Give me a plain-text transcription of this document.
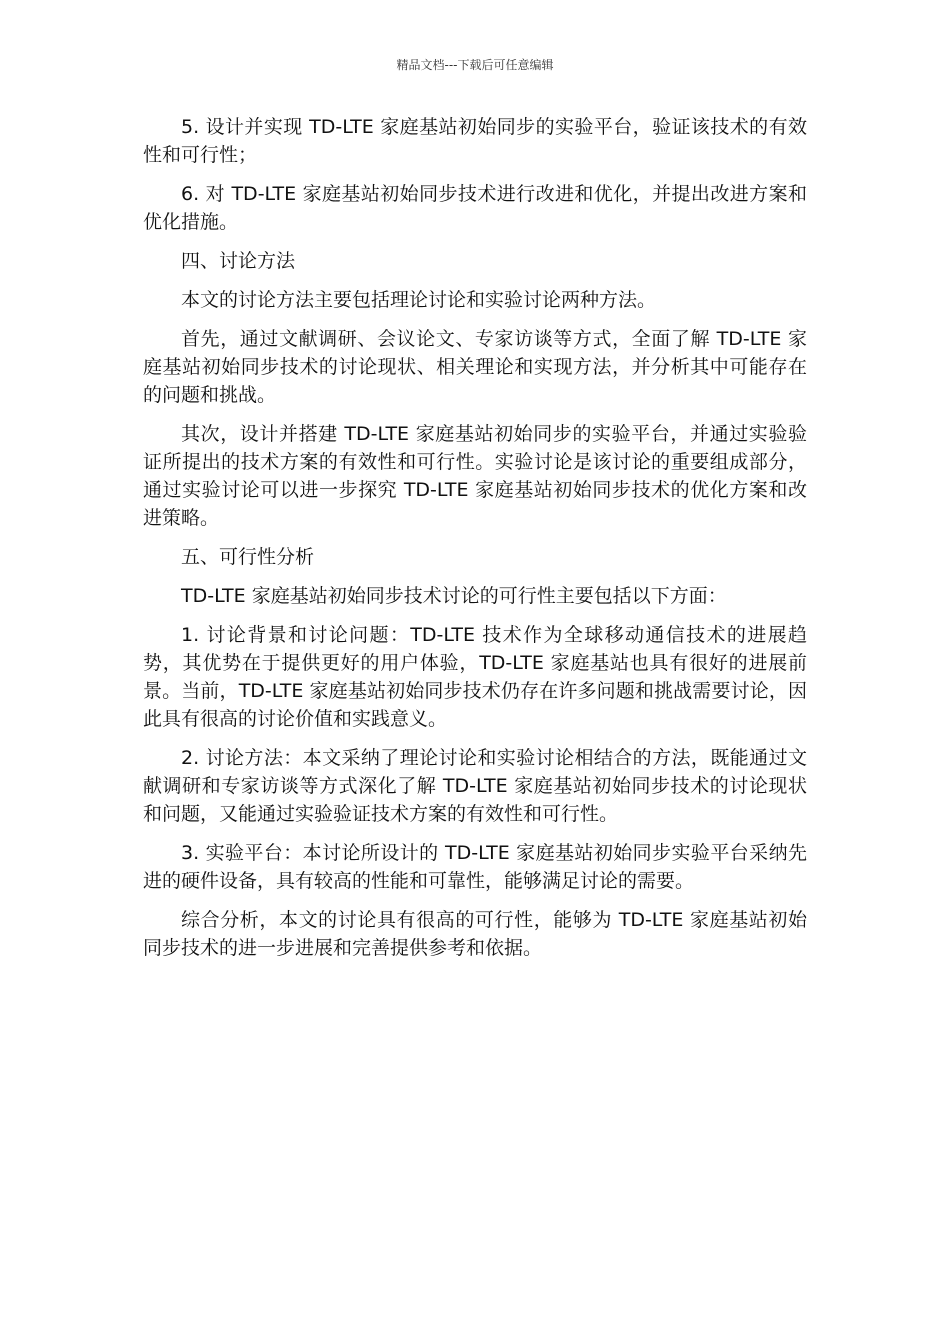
精品文档---下载后可任意编辑

5. 设计并实现 TD-LTE 家庭基站初始同步的实验平台，验证该技术的有效性和可行性；

6. 对 TD-LTE 家庭基站初始同步技术进行改进和优化，并提出改进方案和优化措施。

四、讨论方法

本文的讨论方法主要包括理论讨论和实验讨论两种方法。

首先，通过文献调研、会议论文、专家访谈等方式，全面了解 TD-LTE 家庭基站初始同步技术的讨论现状、相关理论和实现方法，并分析其中可能存在的问题和挑战。

其次，设计并搭建 TD-LTE 家庭基站初始同步的实验平台，并通过实验验证所提出的技术方案的有效性和可行性。实验讨论是该讨论的重要组成部分，通过实验讨论可以进一步探究 TD-LTE 家庭基站初始同步技术的优化方案和改进策略。

五、可行性分析

TD-LTE 家庭基站初始同步技术讨论的可行性主要包括以下方面：

1. 讨论背景和讨论问题：TD-LTE 技术作为全球移动通信技术的进展趋势，其优势在于提供更好的用户体验，TD-LTE 家庭基站也具有很好的进展前景。当前，TD-LTE 家庭基站初始同步技术仍存在许多问题和挑战需要讨论，因此具有很高的讨论价值和实践意义。

2. 讨论方法：本文采纳了理论讨论和实验讨论相结合的方法，既能通过文献调研和专家访谈等方式深化了解 TD-LTE 家庭基站初始同步技术的讨论现状和问题，又能通过实验验证技术方案的有效性和可行性。

3. 实验平台：本讨论所设计的 TD-LTE 家庭基站初始同步实验平台采纳先进的硬件设备，具有较高的性能和可靠性，能够满足讨论的需要。

综合分析，本文的讨论具有很高的可行性，能够为 TD-LTE 家庭基站初始同步技术的进一步进展和完善提供参考和依据。
